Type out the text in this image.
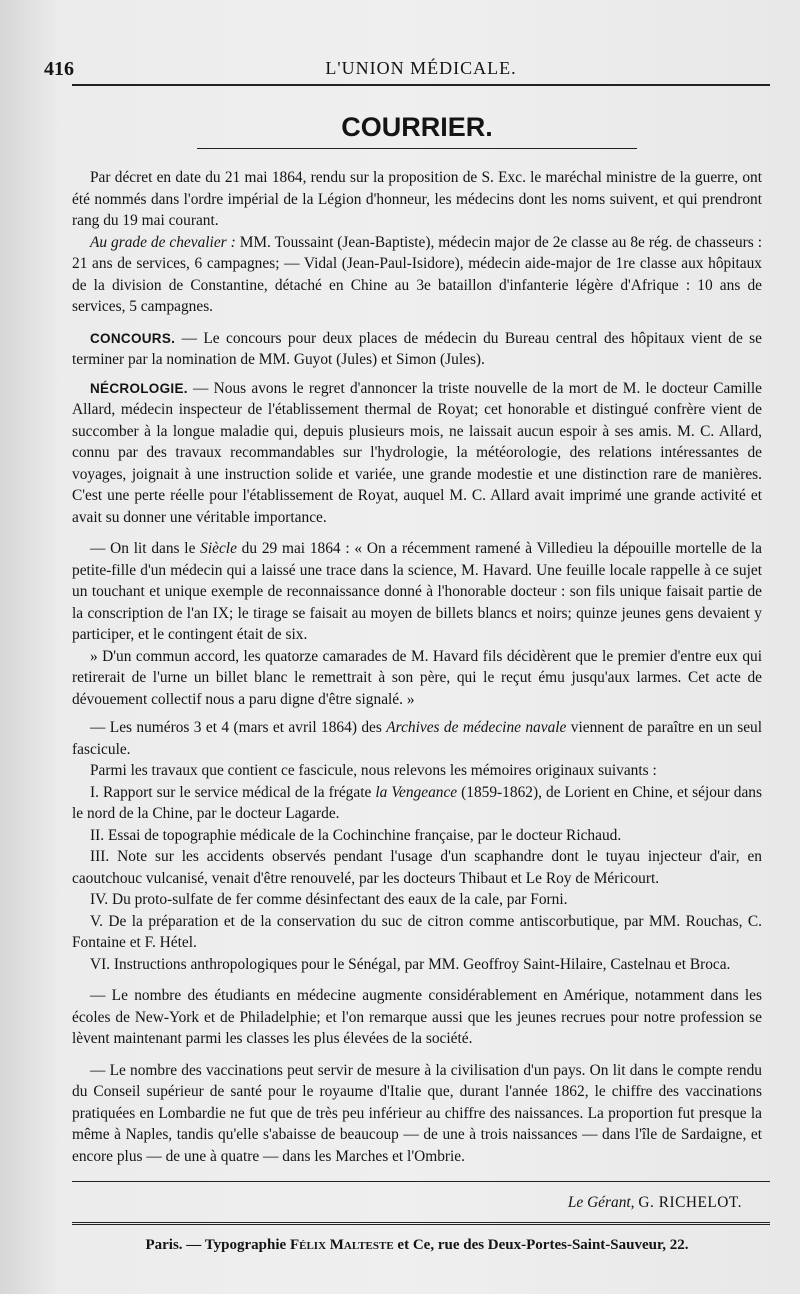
416	L'UNION MÉDICALE.
COURRIER.

Par décret en date du 21 mai 1864, rendu sur la proposition de S. Exc. le maréchal ministre de la guerre, ont été nommés dans l'ordre impérial de la Légion d'honneur, les médecins dont les noms suivent, et qui prendront rang du 19 mai courant.

Au grade de chevalier : MM. Toussaint (Jean-Baptiste), médecin major de 2e classe au 8e rég. de chasseurs : 21 ans de services, 6 campagnes; — Vidal (Jean-Paul-Isidore), médecin aide-major de 1re classe aux hôpitaux de la division de Constantine, détaché en Chine au 3e bataillon d'infanterie légère d'Afrique : 10 ans de services, 5 campagnes.

CONCOURS. — Le concours pour deux places de médecin du Bureau central des hôpitaux vient de se terminer par la nomination de MM. Guyot (Jules) et Simon (Jules).

NÉCROLOGIE. — Nous avons le regret d'annoncer la triste nouvelle de la mort de M. le docteur Camille Allard, médecin inspecteur de l'établissement thermal de Royat; cet honorable et distingué confrère vient de succomber à la longue maladie qui, depuis plusieurs mois, ne laissait aucun espoir à ses amis. M. C. Allard, connu par des travaux recommandables sur l'hydrologie, la météorologie, des relations intéressantes de voyages, joignait à une instruction solide et variée, une grande modestie et une distinction rare de manières. C'est une perte réelle pour l'établissement de Royat, auquel M. C. Allard avait imprimé une grande activité et avait su donner une véritable importance.

— On lit dans le Siècle du 29 mai 1864 : « On a récemment ramené à Villedieu la dépouille mortelle de la petite-fille d'un médecin qui a laissé une trace dans la science, M. Havard. Une feuille locale rappelle à ce sujet un touchant et unique exemple de reconnaissance donné à l'honorable docteur : son fils unique faisait partie de la conscription de l'an IX; le tirage se faisait au moyen de billets blancs et noirs; quinze jeunes gens devaient y participer, et le contingent était de six.

» D'un commun accord, les quatorze camarades de M. Havard fils décidèrent que le premier d'entre eux qui retirerait de l'urne un billet blanc le remettrait à son père, qui le reçut ému jusqu'aux larmes. Cet acte de dévouement collectif nous a paru digne d'être signalé. »

— Les numéros 3 et 4 (mars et avril 1864) des Archives de médecine navale viennent de paraître en un seul fascicule.

Parmi les travaux que contient ce fascicule, nous relevons les mémoires originaux suivants :

I. Rapport sur le service médical de la frégate la Vengeance (1859-1862), de Lorient en Chine, et séjour dans le nord de la Chine, par le docteur Lagarde.

II. Essai de topographie médicale de la Cochinchine française, par le docteur Richaud.

III. Note sur les accidents observés pendant l'usage d'un scaphandre dont le tuyau injecteur d'air, en caoutchouc vulcanisé, venait d'être renouvelé, par les docteurs Thibaut et Le Roy de Méricourt.

IV. Du proto-sulfate de fer comme désinfectant des eaux de la cale, par Forni.

V. De la préparation et de la conservation du suc de citron comme antiscorbutique, par MM. Rouchas, C. Fontaine et F. Hétel.

VI. Instructions anthropologiques pour le Sénégal, par MM. Geoffroy Saint-Hilaire, Castelnau et Broca.

— Le nombre des étudiants en médecine augmente considérablement en Amérique, notamment dans les écoles de New-York et de Philadelphie; et l'on remarque aussi que les jeunes recrues pour notre profession se lèvent maintenant parmi les classes les plus élevées de la société.

— Le nombre des vaccinations peut servir de mesure à la civilisation d'un pays. On lit dans le compte rendu du Conseil supérieur de santé pour le royaume d'Italie que, durant l'année 1862, le chiffre des vaccinations pratiquées en Lombardie ne fut que de très peu inférieur au chiffre des naissances. La proportion fut presque la même à Naples, tandis qu'elle s'abaisse de beaucoup — de une à trois naissances — dans l'île de Sardaigne, et encore plus — de une à quatre — dans les Marches et l'Ombrie.

Le Gérant, G. RICHELOT.
Paris. — Typographie Félix Malteste et Ce, rue des Deux-Portes-Saint-Sauveur, 22.
